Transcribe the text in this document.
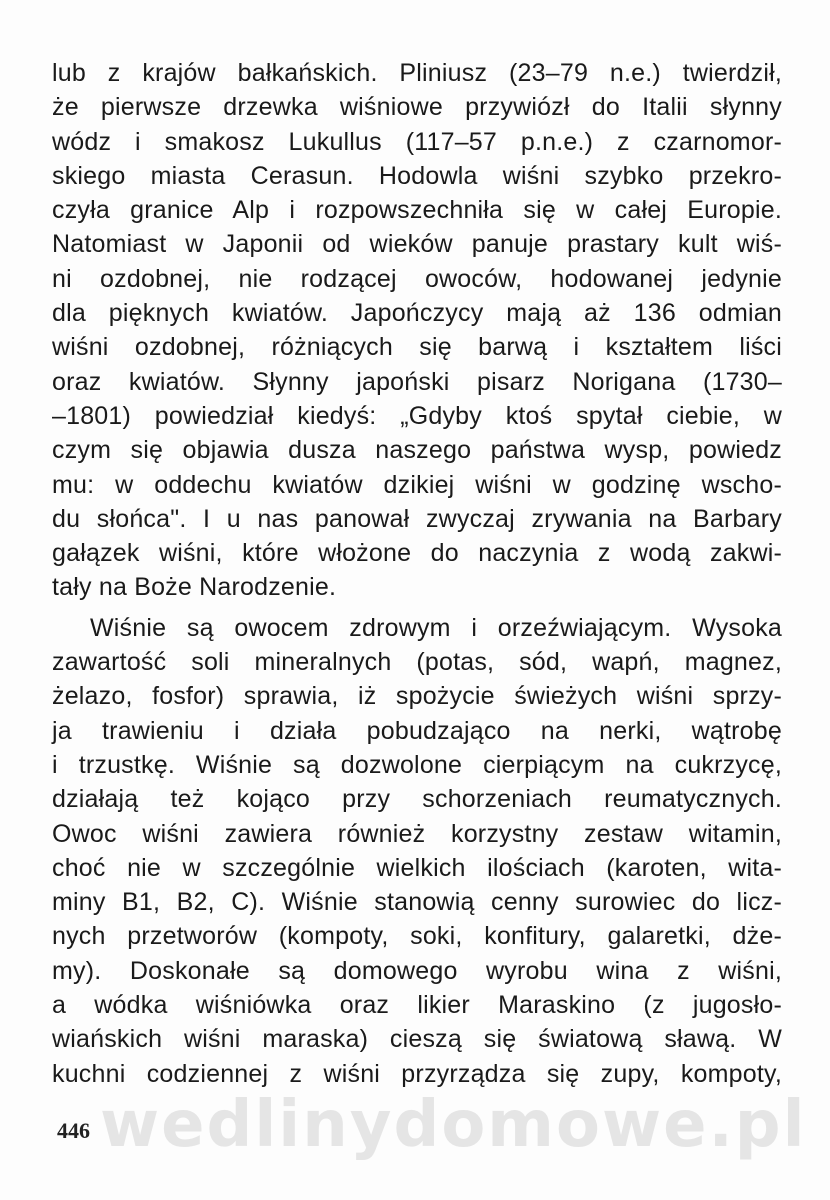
lub z krajów bałkańskich. Pliniusz (23–79 n.e.) twierdził,
że pierwsze drzewka wiśniowe przywiózł do Italii słynny
wódz i smakosz Lukullus (117–57 p.n.e.) z czarnomor-
skiego miasta Cerasun. Hodowla wiśni szybko przekro-
czyła granice Alp i rozpowszechniła się w całej Europie.
Natomiast w Japonii od wieków panuje prastary kult wiś-
ni ozdobnej, nie rodzącej owoców, hodowanej jedynie
dla pięknych kwiatów. Japończycy mają aż 136 odmian
wiśni ozdobnej, różniących się barwą i kształtem liści
oraz kwiatów. Słynny japoński pisarz Norigana (1730–
–1801) powiedział kiedyś: „Gdyby ktoś spytał ciebie, w
czym się objawia dusza naszego państwa wysp, powiedz
mu: w oddechu kwiatów dzikiej wiśni w godzinę wscho-
du słońca". I u nas panował zwyczaj zrywania na Barbary
gałązek wiśni, które włożone do naczynia z wodą zakwi-
tały na Boże Narodzenie.
Wiśnie są owocem zdrowym i orzeźwiającym. Wysoka
zawartość soli mineralnych (potas, sód, wapń, magnez,
żelazo, fosfor) sprawia, iż spożycie świeżych wiśni sprzy-
ja trawieniu i działa pobudzająco na nerki, wątrobę
i trzustkę. Wiśnie są dozwolone cierpiącym na cukrzycę,
działają też kojąco przy schorzeniach reumatycznych.
Owoc wiśni zawiera również korzystny zestaw witamin,
choć nie w szczególnie wielkich ilościach (karoten, wita-
miny B1, B2, C). Wiśnie stanowią cenny surowiec do licz-
nych przetworów (kompoty, soki, konfitury, galaretki, dże-
my). Doskonałe są domowego wyrobu wina z wiśni,
a wódka wiśniówka oraz likier Maraskino (z jugosło-
wiańskich wiśni maraska) cieszą się światową sławą. W
kuchni codziennej z wiśni przyrządza się zupy, kompoty,
wedlinydomowe.pl
446
